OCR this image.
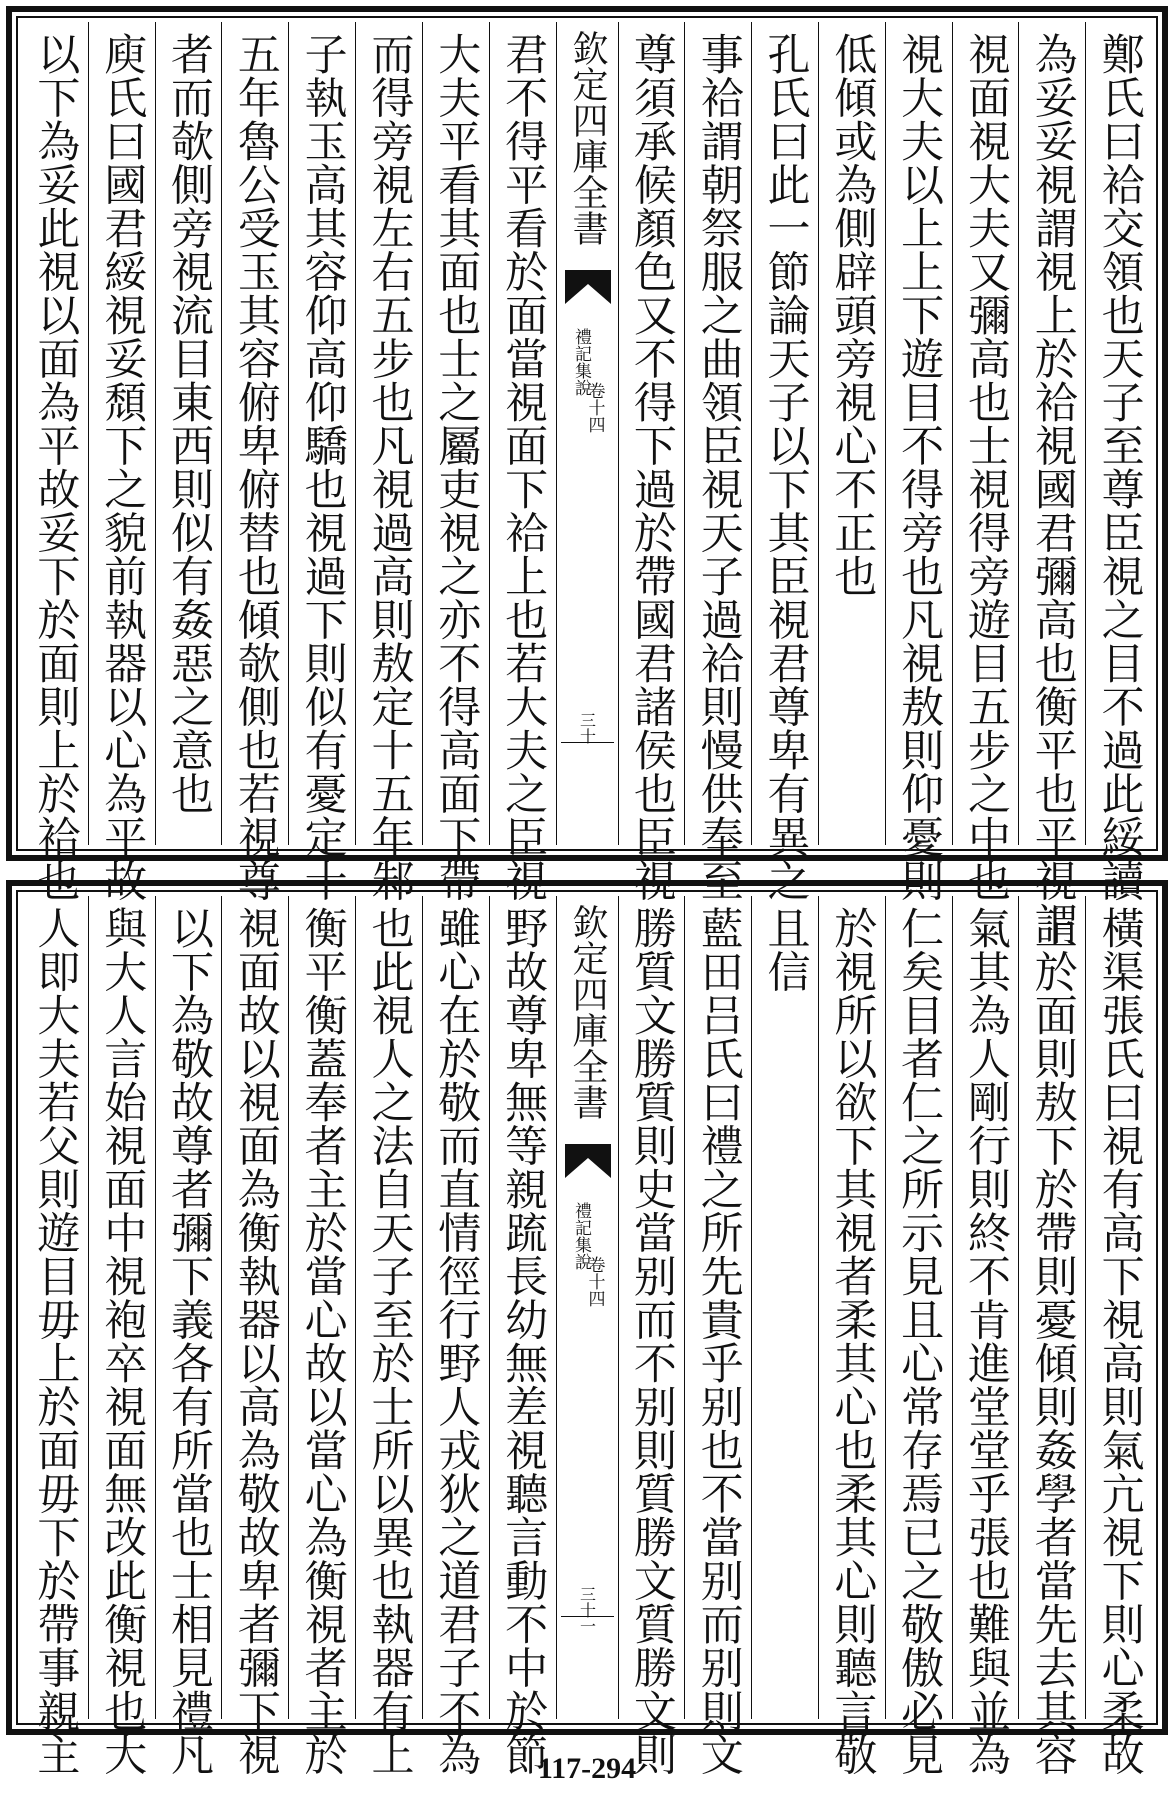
鄭氏曰袷交領也天子至尊臣視之目不過此綏讀
為妥妥視謂視上於袷視國君彌高也衡平也平視謂
視面視大夫又彌高也士視得旁遊目五步之中也
視大夫以上上下遊目不得旁也凡視敖則仰憂則
低傾或為側辟頭旁視心不正也
孔氏曰此一節論天子以下其臣視君尊卑有異之
事袷謂朝祭服之曲領臣視天子過袷則慢供奉至
尊須承候顏色又不得下過於帶國君諸侯也臣視
欽定四庫全書
禮記集說
卷十四
三十
君不得平看於面當視面下袷上也若大夫之臣視
大夫平看其面也士之屬吏視之亦不得高面下帶
而得旁視左右五步也凡視過高則敖定十五年邾
子執玉高其容仰高仰驕也視過下則似有憂定十
五年魯公受玉其容俯卑俯替也傾欹側也若視尊
者而欹側旁視流目東西則似有姦惡之意也
庾氏曰國君綏視妥頹下之貌前執器以心為平故
以下為妥此視以面為平故妥下於面則上於袷也
橫渠張氏曰視有高下視高則氣亢視下則心柔故
上於面則敖下於帶則憂傾則姦學者當先去其容
氣其為人剛行則終不肯進堂堂乎張也難與並為
仁矣目者仁之所示見且心常存焉已之敬傲必見
於視所以欲下其視者柔其心也柔其心則聽言敬
且信
藍田吕氏曰禮之所先貴乎别也不當别而别則文
勝質文勝質則史當别而不别則質勝文質勝文則
欽定四庫全書
禮記集說
卷十四
三十一
野故尊卑無等親䟽長幼無差視聽言動不中於節
雖心在於敬而直情徑行野人戎狄之道君子不為
也此視人之法自天子至於士所以異也執器有上
衡平衡蓋奉者主於當心故以當心為衡視者主於
視面故以視面為衡執器以高為敬故卑者彌下視
以下為敬故尊者彌下義各有所當也士相見禮凡
與大人言始視面中視袍卒視面無改此衡視也大
人即大夫若父則遊目毋上於面毋下於帶事親主	117-294
